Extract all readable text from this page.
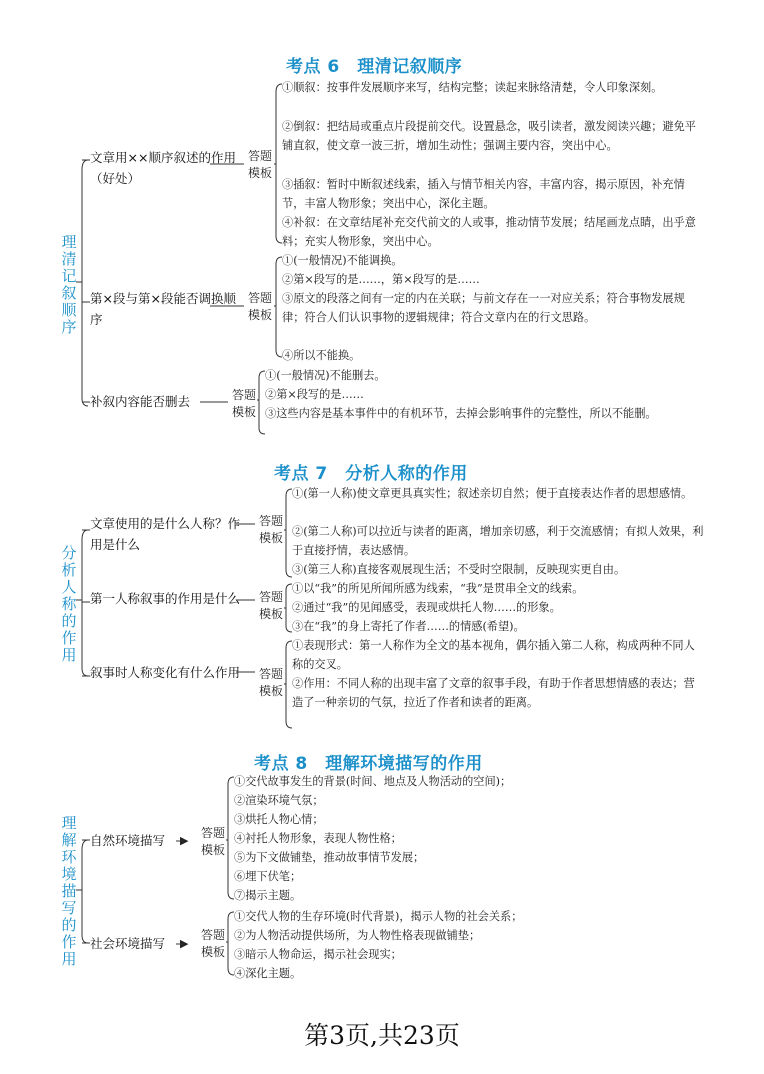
考点 6　理清记叙顺序
理清记叙顺序
文章用××顺序叙述的作用（好处）
答题模板
①顺叙：按事件发展顺序来写，结构完整；读起来脉络清楚，令人印象深刻。
②倒叙：把结局或重点片段提前交代。设置悬念，吸引读者，激发阅读兴趣；避免平铺直叙，使文章一波三折，增加生动性；强调主要内容，突出中心。
③插叙：暂时中断叙述线索，插入与情节相关内容，丰富内容，揭示原因，补充情节，丰富人物形象；突出中心，深化主题。
④补叙：在文章结尾补充交代前文的人或事，推动情节发展；结尾画龙点睛，出乎意料；充实人物形象，突出中心。
第×段与第×段能否调换顺序
答题模板
①(一般情况)不能调换。
②第×段写的是……，第×段写的是……
③原文的段落之间有一定的内在关联；与前文存在一一对应关系；符合事物发展规律；符合人们认识事物的逻辑规律；符合文章内在的行文思路。
④所以不能换。
补叙内容能否删去	答题模板
①(一般情况)不能删去。
②第×段写的是……
③这些内容是基本事件中的有机环节，去掉会影响事件的完整性，所以不能删。
考点 7　分析人称的作用
分析人称的作用
文章使用的是什么人称？作用是什么
答题模板
①(第一人称)使文章更具真实性；叙述亲切自然；便于直接表达作者的思想感情。
②(第二人称)可以拉近与读者的距离，增加亲切感，利于交流感情；有拟人效果，利于直接抒情，表达感情。
③(第三人称)直接客观展现生活；不受时空限制，反映现实更自由。
第一人称叙事的作用是什么 答题模板
①以“我”的所见所闻所感为线索，“我”是贯串全文的线索。
②通过“我”的见闻感受，表现或烘托人物……的形象。
③在“我”的身上寄托了作者……的情感(希望)。
叙事时人称变化有什么作用 答题模板
①表现形式：第一人称作为全文的基本视角，偶尔插入第二人称，构成两种不同人称的交叉。
②作用：不同人称的出现丰富了文章的叙事手段，有助于作者思想情感的表达；营造了一种亲切的气氛，拉近了作者和读者的距离。
考点 8　理解环境描写的作用
理解环境描写的作用
自然环境描写	▶
答题模板
①交代故事发生的背景(时间、地点及人物活动的空间)；
②渲染环境气氛；
③烘托人物心情；
④衬托人物形象，表现人物性格；
⑤为下文做铺垫，推动故事情节发展；
⑥埋下伏笔；
⑦揭示主题。
社会环境描写	▶
答题模板
①交代人物的生存环境(时代背景)，揭示人物的社会关系；
②为人物活动提供场所，为人物性格表现做铺垫；
③暗示人物命运，揭示社会现实；
④深化主题。
第3页,共23页
